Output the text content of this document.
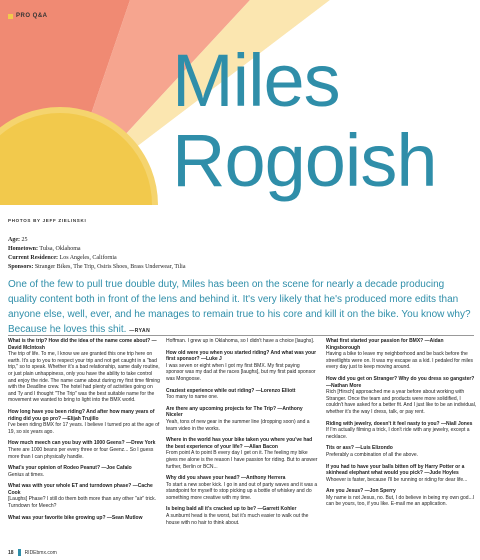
PRO Q&A
Miles
Rogoish
PHOTOS BY JEFF ZIELINSKI
Age: 25
Hometown: Tulsa, Oklahoma
Current Residence: Los Angeles, California
Sponsors: Stranger Bikes, The Trip, Osiris Shoes, Brass Underwear, Tilia
One of the few to pull true double duty, Miles has been on the scene for nearly a decade producing quality content both in front of the lens and behind it. It's very likely that he's produced more edits than anyone else, well, ever, and he manages to remain true to his core and kill it on the bike. You know why? Because he loves this shit. —RYAN

What is the trip? How did the idea of the name come about? —David McIntosh

The trip of life. To me, I know we are granted this one trip here on earth. It's up to you to respect your trip and not get caught in a "bad trip," so to speak. Whether it's a bad relationship, same daily routine, or just plain unhappiness, only you have the ability to take control and enjoy the ride. The name came about during my first time filming with the Deadline crew. The hotel had plenty of activities going on and Ty and I thought "The Trip" was the best suitable name for the movement we wanted to bring to light into the BMX world.

How long have you been riding? And after how many years of riding did you go pro? —Elijah Trujillo

I've been riding BMX for 17 years. I believe I turned pro at the age of 19, so six years ago.

How much meech can you buy with 1000 Geens? —Drew York

There are 1000 beans per every three or four Geenz... So I guess more than I can physically handle.

What's your opinion of Rodeo Peanut? —Joe Cafalo

Genius at times.

What was with your whole ET and turndown phase? —Cache Cook

[Laughs] Phase? I still do them both more than any other "air" trick. Turndown for Meech?

What was your favorite bike growing up? —Sean Mutlow

Hoffman. I grew up in Oklahoma, so I didn't have a choice [laughs].

How old were you when you started riding? And what was your first sponsor? —Luke J

I was seven or eight when I got my first BMX. My first paying sponsor was my dad at the races [laughs], but my first paid sponsor was Mongoose.

Craziest experience while out riding? —Lorenzo Elliott

Too many to name one.

Are there any upcoming projects for The Trip? —Anthony Niceler

Yeah, tons of new gear in the summer line (dropping soon) and a team video in the works.

Where in the world has your bike taken you where you've had the best experience of your life? —Allan Bacon

From point A to point B every day I get on it. The feeling my bike gives me alone is the reason I have passion for riding. But to answer further, Berlin or BCN...

Why did you shave your head? —Anthony Herrera

To start a new sober kick. I go in and out of party waves and it was a standpoint for myself to stop picking up a bottle of whiskey and do something more creative with my time.

Is being bald all it's cracked up to be? —Garrett Kohler

A sunburnt head is the worst, but it's much easier to walk out the house with no hair to think about.

What first started your passion for BMX? —Aidan Kingsborough

Having a bike to leave my neighborhood and be back before the streetlights were on. It was my escape as a kid. I pedaled for miles every day just to keep moving around.

How did you get on Stranger? Why do you dress so gangster? —Nathan More

Rich [Hirsch] approached me a year before about working with Stranger. Once the team and products were more solidified, I couldn't have asked for a better fit. And I just like to be an individual, whether it's the way I dress, talk, or pay rent.

Riding with jewelry, doesn't it feel nasty to you? —Niall Jones

If I'm actually filming a trick, I don't ride with any jewelry, except a necklace.

Tits or ass? —Luis Elizondo

Preferably a combination of all the above.

If you had to have your balls bitten off by Harry Potter or a skinhead elephant what would you pick? —Jude Hoyles

Whoever is faster, because I'll be running or riding for dear life...

Are you Jesus? —Jon Sperry

My name is not Jesus, no. But, I do believe in being my own god...I can be yours, too, if you like. E-mail me an application.

18 RIDEbmx.com
